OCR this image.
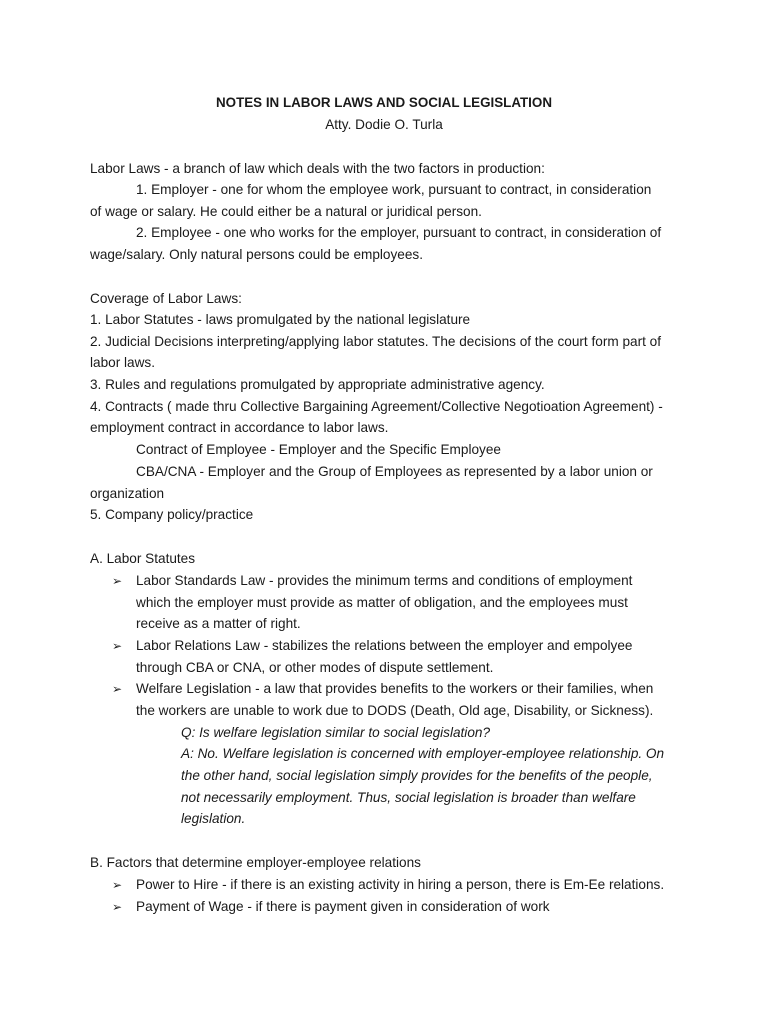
NOTES IN LABOR LAWS AND SOCIAL LEGISLATION
Atty. Dodie O. Turla
Labor Laws - a branch of law which deals with the two factors in production:
1. Employer - one for whom the employee work, pursuant to contract, in consideration
of wage or salary. He could either be a natural or juridical person.
2. Employee - one who works for the employer, pursuant to contract, in consideration of
wage/salary. Only natural persons could be employees.
Coverage of Labor Laws:
1. Labor Statutes - laws promulgated by the national legislature
2. Judicial Decisions interpreting/applying labor statutes. The decisions of the court form part of
labor laws.
3. Rules and regulations promulgated by appropriate administrative agency.
4. Contracts ( made thru Collective Bargaining Agreement/Collective Negotioation Agreement) -
employment contract in accordance to labor laws.
Contract of Employee - Employer and the Specific Employee
CBA/CNA - Employer and the Group of Employees as represented by a labor union or
organization
5. Company policy/practice
A. Labor Statutes
➢ Labor Standards Law - provides the minimum terms and conditions of employment
which the employer must provide as matter of obligation, and the employees must
receive as a matter of right.
➢ Labor Relations Law - stabilizes the relations between the employer and empolyee
through CBA or CNA, or other modes of dispute settlement.
➢ Welfare Legislation - a law that provides benefits to the workers or their families, when
the workers are unable to work due to DODS (Death, Old age, Disability, or Sickness).
Q: Is welfare legislation similar to social legislation?
A: No. Welfare legislation is concerned with employer-employee relationship. On
the other hand, social legislation simply provides for the benefits of the people,
not necessarily employment. Thus, social legislation is broader than welfare
legislation.
B. Factors that determine employer-employee relations
➢ Power to Hire - if there is an existing activity in hiring a person, there is Em-Ee relations.
➢ Payment of Wage - if there is payment given in consideration of work
